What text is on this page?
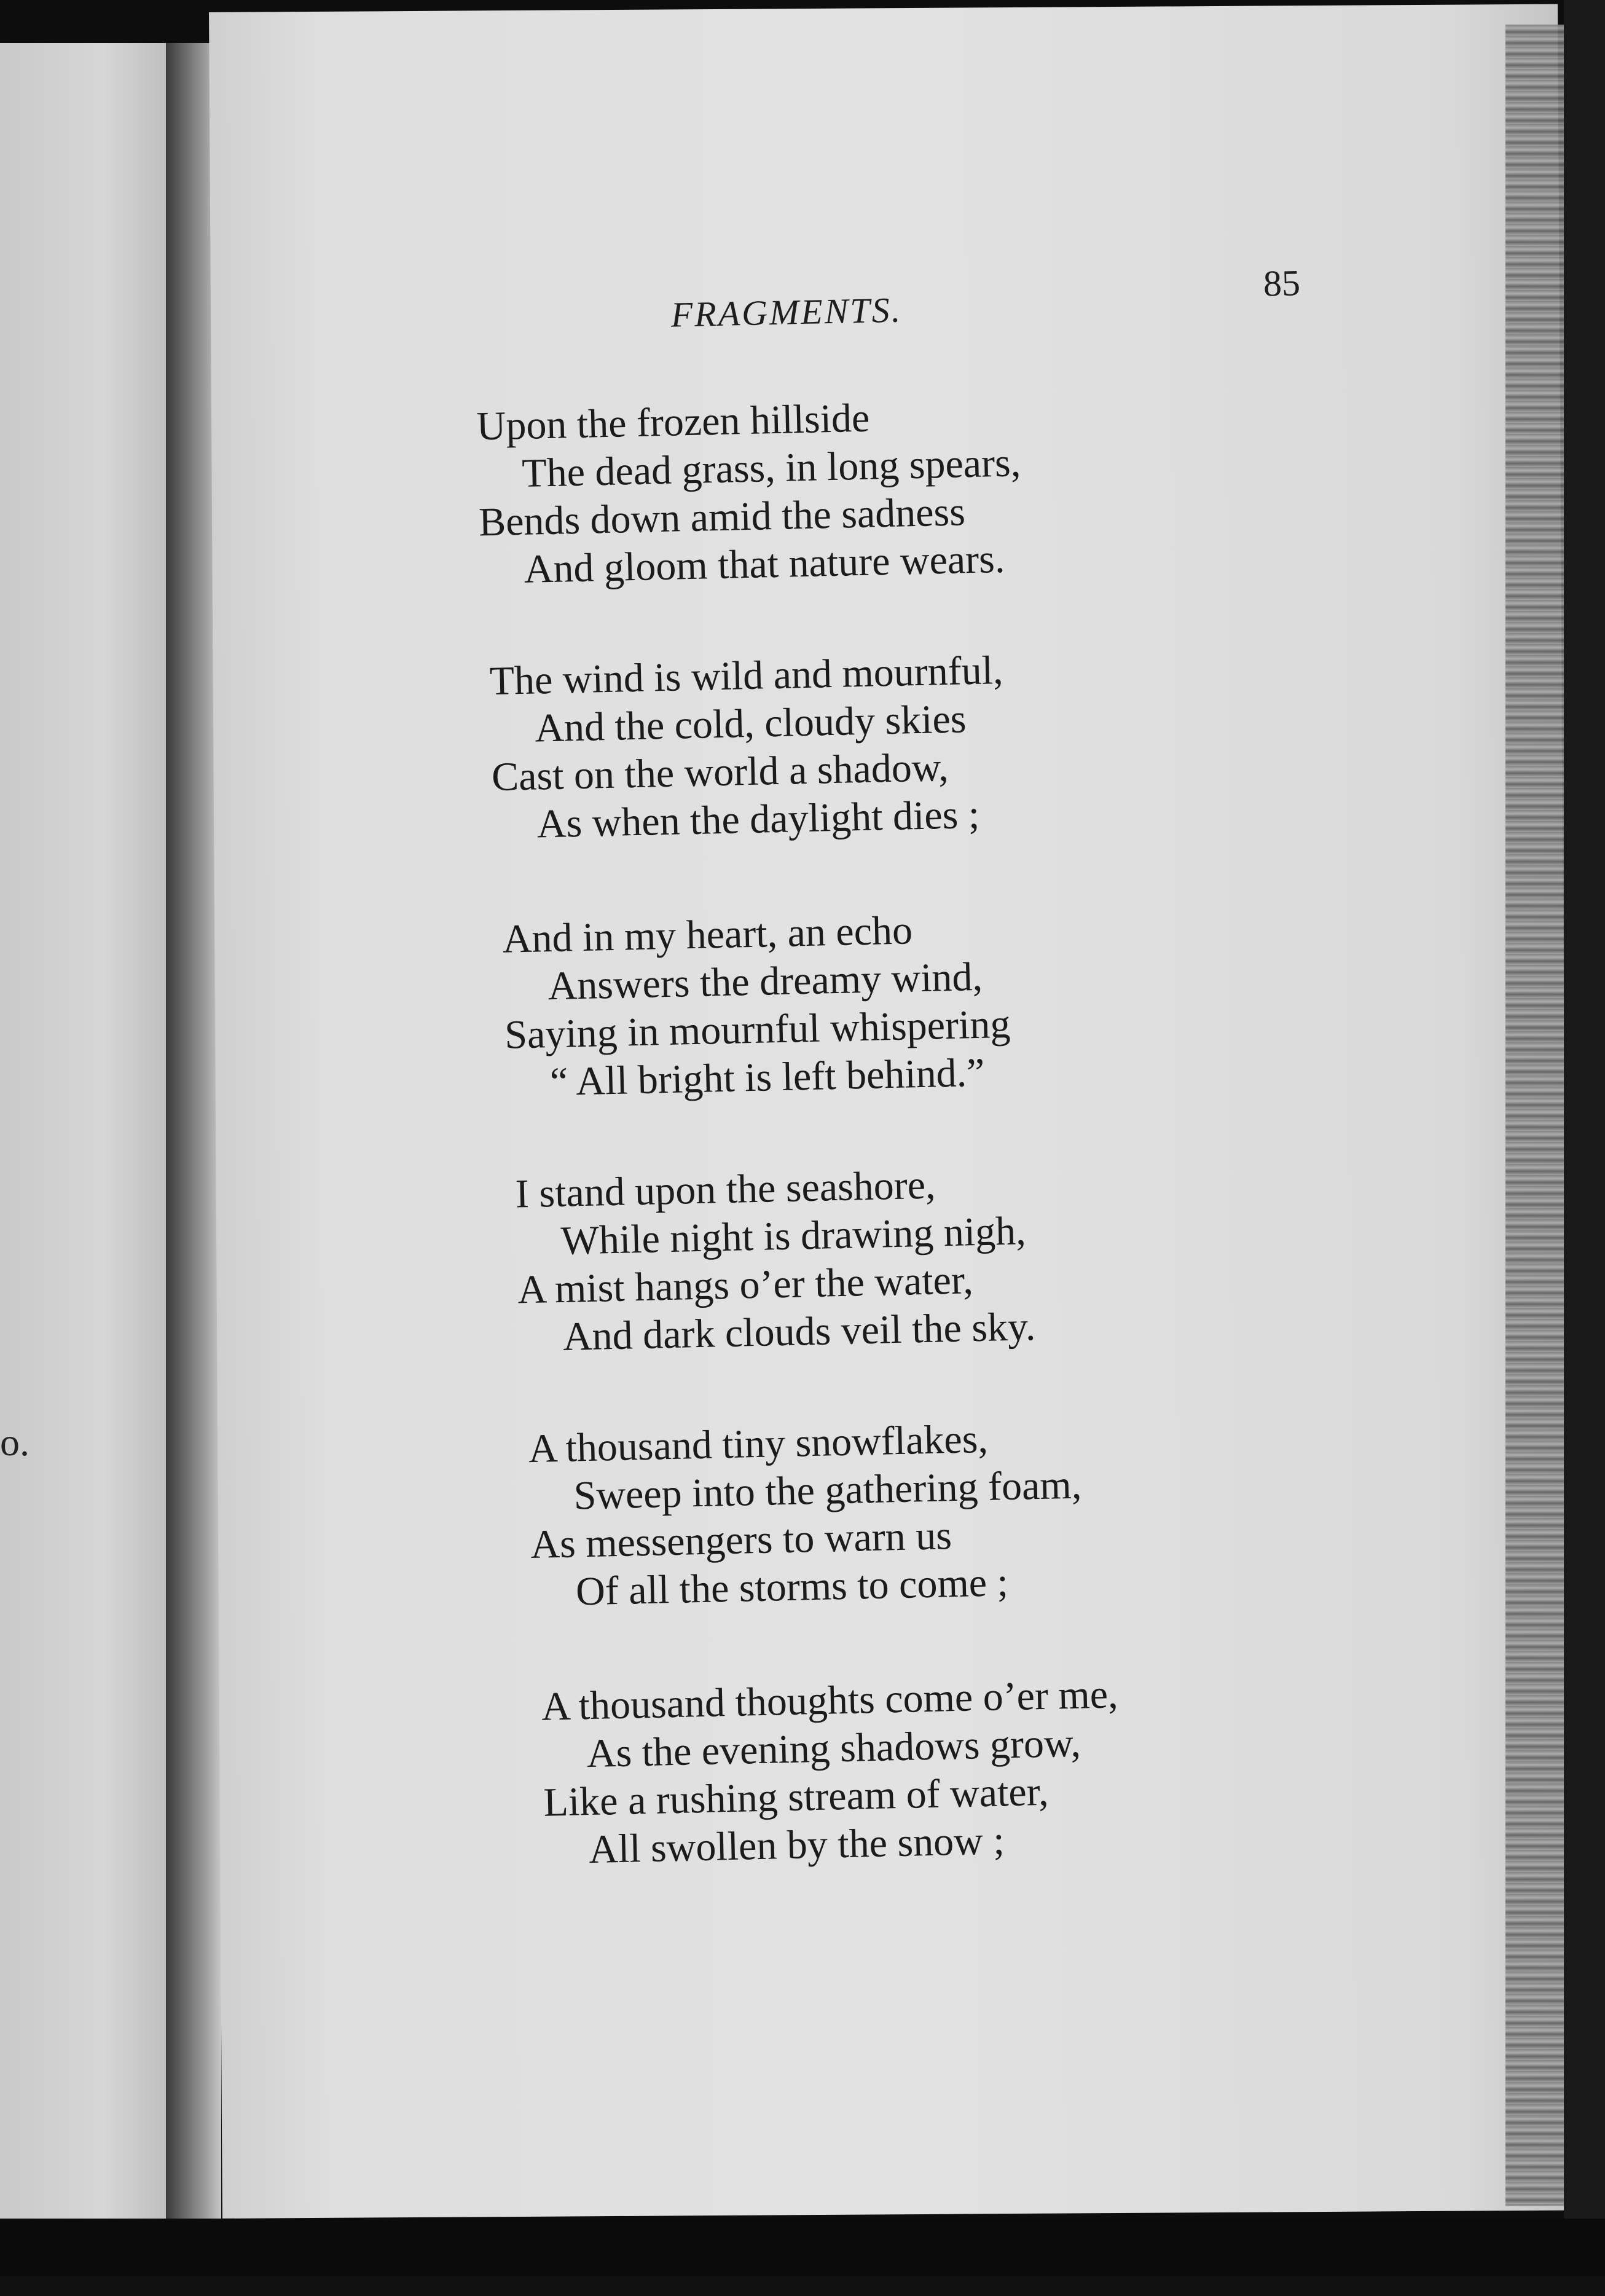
o.
FRAGMENTS.
85
Upon the frozen hillside
The dead grass, in long spears,
Bends down amid the sadness
And gloom that nature wears.
The wind is wild and mournful,
And the cold, cloudy skies
Cast on the world a shadow,
As when the daylight dies ;
And in my heart, an echo
Answers the dreamy wind,
Saying in mournful whispering
“ All bright is left behind.”
I stand upon the seashore,
While night is drawing nigh,
A mist hangs o’er the water,
And dark clouds veil the sky.
A thousand tiny snowflakes,
Sweep into the gathering foam,
As messengers to warn us
Of all the storms to come ;
A thousand thoughts come o’er me,
As the evening shadows grow,
Like a rushing stream of water,
All swollen by the snow ;
